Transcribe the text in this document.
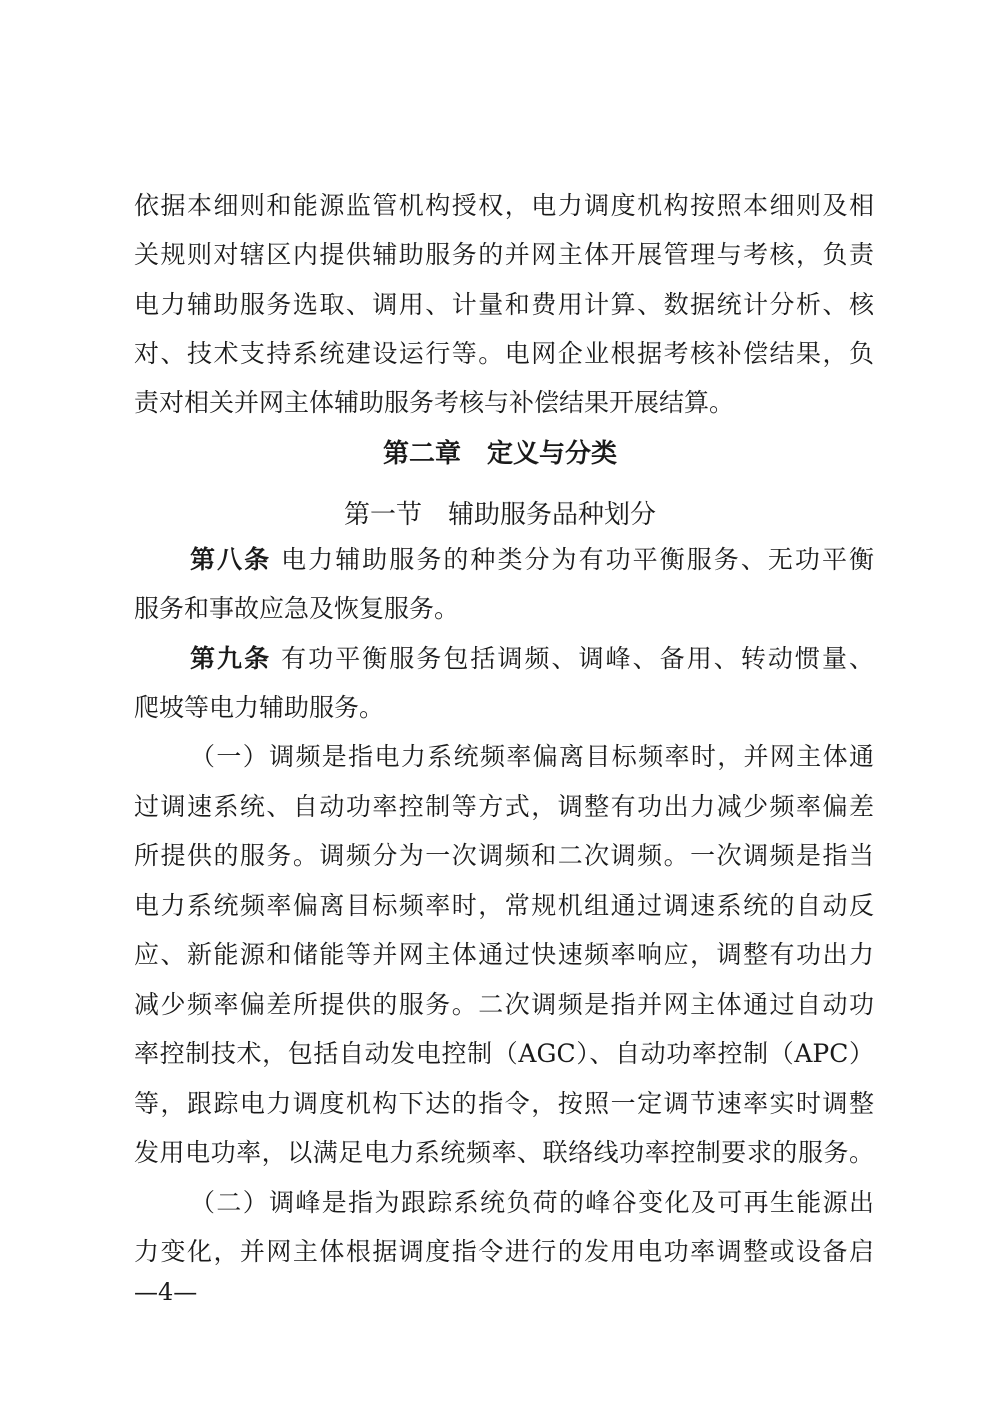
依据本细则和能源监管机构授权，电力调度机构按照本细则及相
关规则对辖区内提供辅助服务的并网主体开展管理与考核，负责
电力辅助服务选取、调用、计量和费用计算、数据统计分析、核
对、技术支持系统建设运行等。电网企业根据考核补偿结果，负
责对相关并网主体辅助服务考核与补偿结果开展结算。
第二章　定义与分类
第一节　辅助服务品种划分
第八条 电力辅助服务的种类分为有功平衡服务、无功平衡
服务和事故应急及恢复服务。
第九条 有功平衡服务包括调频、调峰、备用、转动惯量、
爬坡等电力辅助服务。
（一）调频是指电力系统频率偏离目标频率时，并网主体通
过调速系统、自动功率控制等方式，调整有功出力减少频率偏差
所提供的服务。调频分为一次调频和二次调频。一次调频是指当
电力系统频率偏离目标频率时，常规机组通过调速系统的自动反
应、新能源和储能等并网主体通过快速频率响应，调整有功出力
减少频率偏差所提供的服务。二次调频是指并网主体通过自动功
率控制技术，包括自动发电控制（AGC）、自动功率控制（APC）
等，跟踪电力调度机构下达的指令，按照一定调节速率实时调整
发用电功率，以满足电力系统频率、联络线功率控制要求的服务。
（二）调峰是指为跟踪系统负荷的峰谷变化及可再生能源出
力变化，并网主体根据调度指令进行的发用电功率调整或设备启
—4—
